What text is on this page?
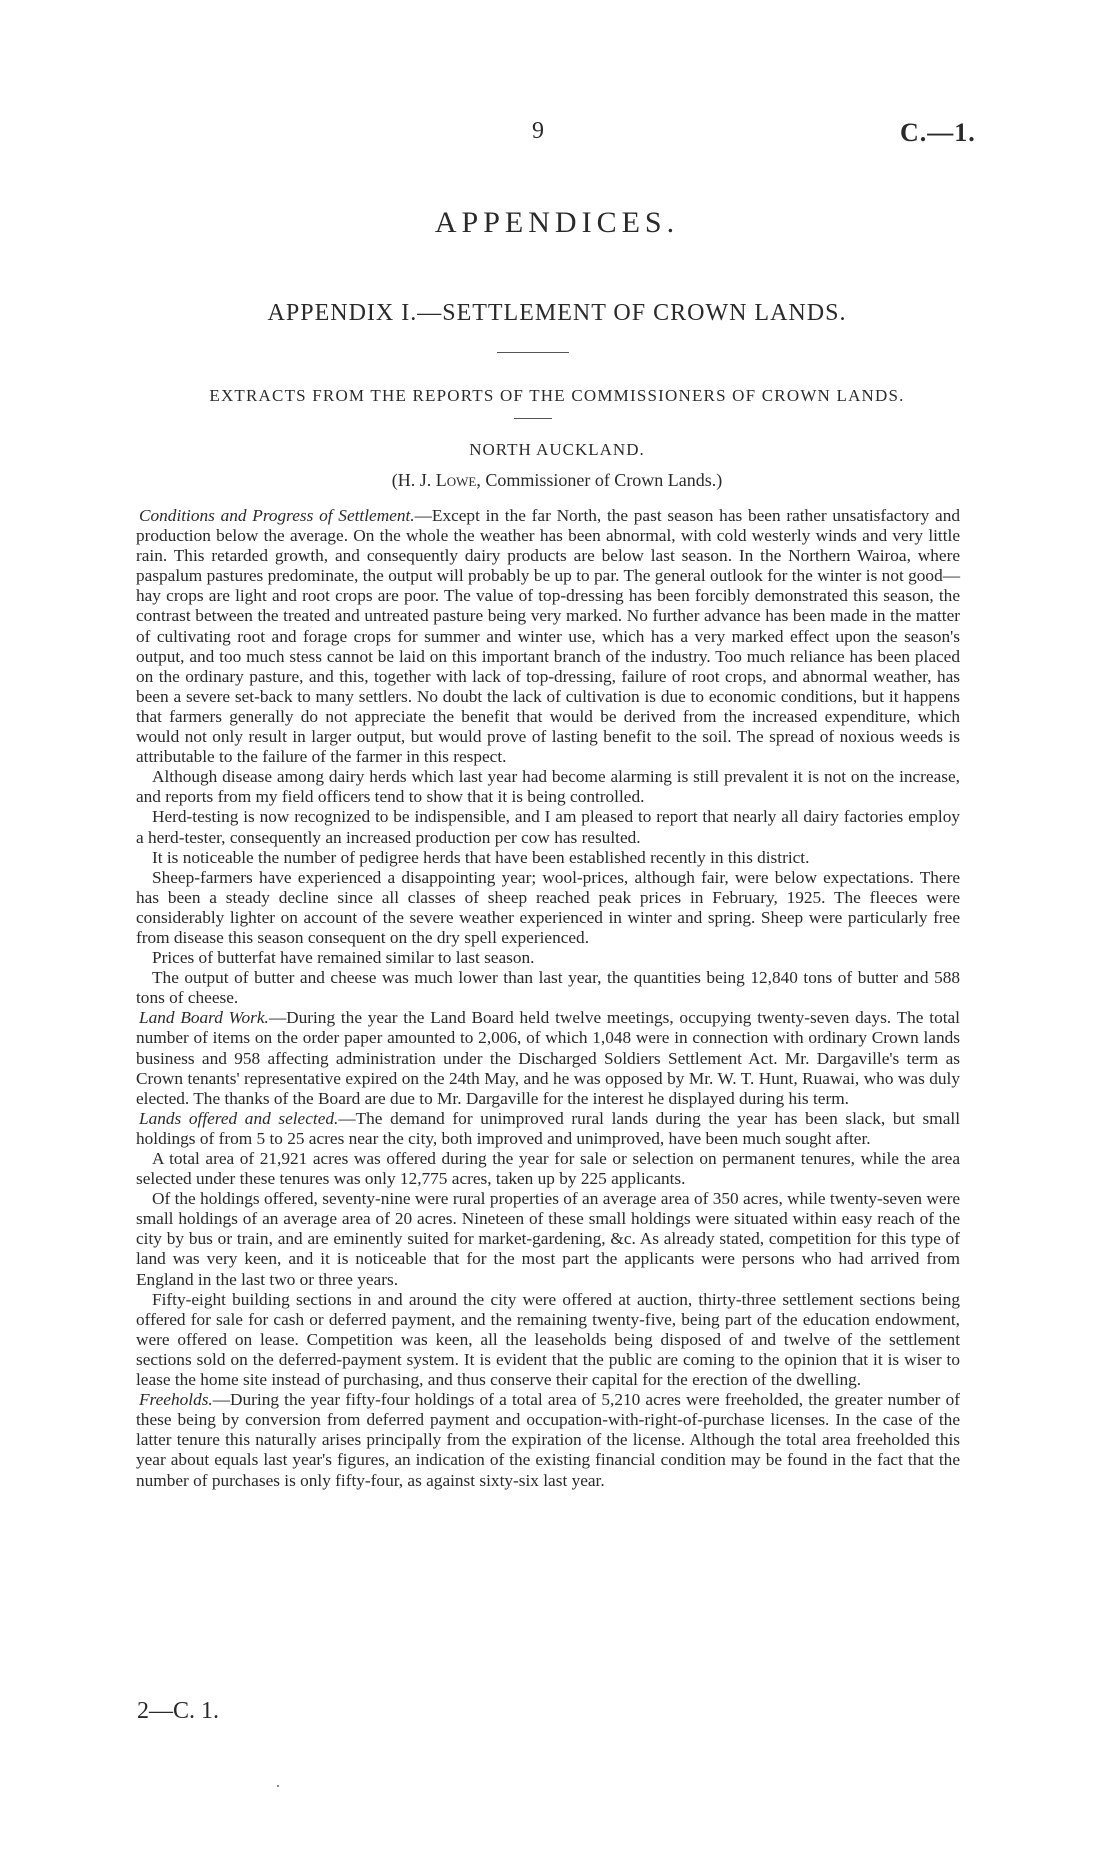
9	C.—1.
APPENDICES.
APPENDIX I.—SETTLEMENT OF CROWN LANDS.
EXTRACTS FROM THE REPORTS OF THE COMMISSIONERS OF CROWN LANDS.
NORTH AUCKLAND.
(H. J. Lowe, Commissioner of Crown Lands.)

Conditions and Progress of Settlement.—Except in the far North, the past season has been rather unsatisfactory and production below the average. On the whole the weather has been abnormal, with cold westerly winds and very little rain. This retarded growth, and consequently dairy products are below last season. In the Northern Wairoa, where paspalum pastures predominate, the output will probably be up to par. The general outlook for the winter is not good—hay crops are light and root crops are poor. The value of top-dressing has been forcibly demonstrated this season, the contrast between the treated and untreated pasture being very marked. No further advance has been made in the matter of cultivating root and forage crops for summer and winter use, which has a very marked effect upon the season's output, and too much stess cannot be laid on this important branch of the industry. Too much reliance has been placed on the ordinary pasture, and this, together with lack of top-dressing, failure of root crops, and abnormal weather, has been a severe set-back to many settlers. No doubt the lack of cultivation is due to economic conditions, but it happens that farmers generally do not appreciate the benefit that would be derived from the increased expenditure, which would not only result in larger output, but would prove of lasting benefit to the soil. The spread of noxious weeds is attributable to the failure of the farmer in this respect.

Although disease among dairy herds which last year had become alarming is still prevalent it is not on the increase, and reports from my field officers tend to show that it is being controlled.

Herd-testing is now recognized to be indispensible, and I am pleased to report that nearly all dairy factories employ a herd-tester, consequently an increased production per cow has resulted.

It is noticeable the number of pedigree herds that have been established recently in this district.

Sheep-farmers have experienced a disappointing year; wool-prices, although fair, were below expectations. There has been a steady decline since all classes of sheep reached peak prices in February, 1925. The fleeces were considerably lighter on account of the severe weather experienced in winter and spring. Sheep were particularly free from disease this season consequent on the dry spell experienced.

Prices of butterfat have remained similar to last season.

The output of butter and cheese was much lower than last year, the quantities being 12,840 tons of butter and 588 tons of cheese.

Land Board Work.—During the year the Land Board held twelve meetings, occupying twenty-seven days. The total number of items on the order paper amounted to 2,006, of which 1,048 were in connection with ordinary Crown lands business and 958 affecting administration under the Discharged Soldiers Settlement Act. Mr. Dargaville's term as Crown tenants' representative expired on the 24th May, and he was opposed by Mr. W. T. Hunt, Ruawai, who was duly elected. The thanks of the Board are due to Mr. Dargaville for the interest he displayed during his term.

Lands offered and selected.—The demand for unimproved rural lands during the year has been slack, but small holdings of from 5 to 25 acres near the city, both improved and unimproved, have been much sought after.

A total area of 21,921 acres was offered during the year for sale or selection on permanent tenures, while the area selected under these tenures was only 12,775 acres, taken up by 225 applicants.

Of the holdings offered, seventy-nine were rural properties of an average area of 350 acres, while twenty-seven were small holdings of an average area of 20 acres. Nineteen of these small holdings were situated within easy reach of the city by bus or train, and are eminently suited for market-gardening, &c. As already stated, competition for this type of land was very keen, and it is noticeable that for the most part the applicants were persons who had arrived from England in the last two or three years.

Fifty-eight building sections in and around the city were offered at auction, thirty-three settlement sections being offered for sale for cash or deferred payment, and the remaining twenty-five, being part of the education endowment, were offered on lease. Competition was keen, all the leaseholds being disposed of and twelve of the settlement sections sold on the deferred-payment system. It is evident that the public are coming to the opinion that it is wiser to lease the home site instead of purchasing, and thus conserve their capital for the erection of the dwelling.

Freeholds.—During the year fifty-four holdings of a total area of 5,210 acres were freeholded, the greater number of these being by conversion from deferred payment and occupation-with-right-of-purchase licenses. In the case of the latter tenure this naturally arises principally from the expiration of the license. Although the total area freeholded this year about equals last year's figures, an indication of the existing financial condition may be found in the fact that the number of purchases is only fifty-four, as against sixty-six last year.

2—C. 1.
